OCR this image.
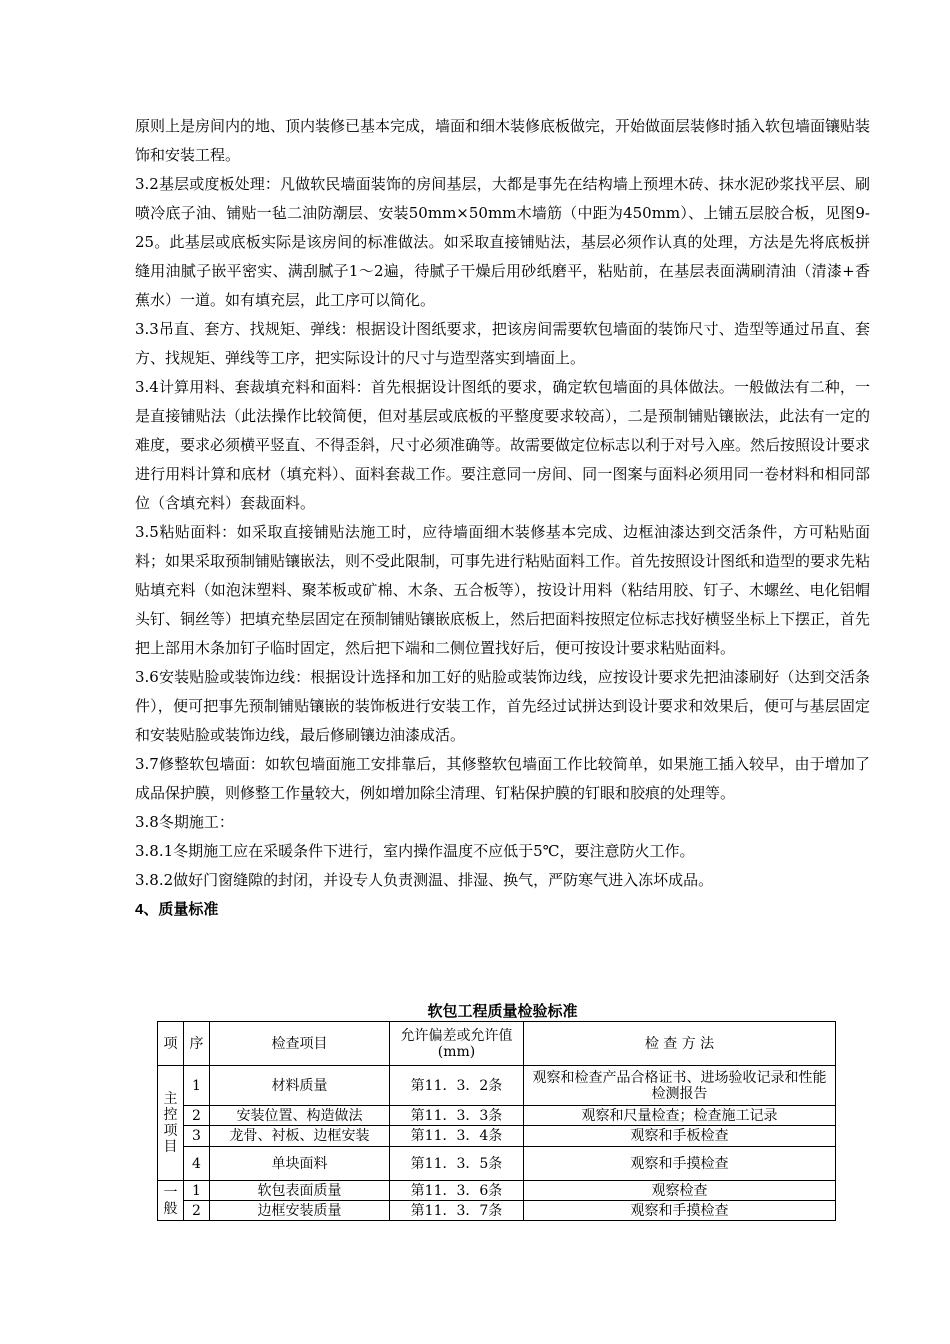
原则上是房间内的地、顶内装修已基本完成，墙面和细木装修底板做完，开始做面层装修时插入软包墙面镶贴装饰和安装工程。

3.2基层或度板处理：凡做软民墙面装饰的房间基层，大都是事先在结构墙上预埋木砖、抹水泥砂浆找平层、刷喷冷底子油、铺贴一毡二油防潮层、安装50mm×50mm木墙筋（中距为450mm）、上铺五层胶合板，见图9-25。此基层或底板实际是该房间的标准做法。如采取直接铺贴法，基层必须作认真的处理，方法是先将底板拼缝用油腻子嵌平密实、满刮腻子1～2遍，待腻子干燥后用砂纸磨平，粘贴前，在基层表面满刷清油（清漆+香蕉水）一道。如有填充层，此工序可以简化。

3.3吊直、套方、找规矩、弹线：根据设计图纸要求，把该房间需要软包墙面的装饰尺寸、造型等通过吊直、套方、找规矩、弹线等工序，把实际设计的尺寸与造型落实到墙面上。

3.4计算用料、套裁填充料和面料：首先根据设计图纸的要求，确定软包墙面的具体做法。一般做法有二种，一是直接铺贴法（此法操作比较简便，但对基层或底板的平整度要求较高），二是预制铺贴镶嵌法，此法有一定的难度，要求必须横平竖直、不得歪斜，尺寸必须准确等。故需要做定位标志以利于对号入座。然后按照设计要求进行用料计算和底材（填充料）、面料套裁工作。要注意同一房间、同一图案与面料必须用同一卷材料和相同部位（含填充料）套裁面料。

3.5粘贴面料：如采取直接铺贴法施工时，应待墙面细木装修基本完成、边框油漆达到交活条件，方可粘贴面料；如果采取预制铺贴镶嵌法，则不受此限制，可事先进行粘贴面料工作。首先按照设计图纸和造型的要求先粘贴填充料（如泡沫塑料、聚苯板或矿棉、木条、五合板等），按设计用料（粘结用胶、钉子、木螺丝、电化铝帽头钉、铜丝等）把填充垫层固定在预制铺贴镶嵌底板上，然后把面料按照定位标志找好横竖坐标上下摆正，首先把上部用木条加钉子临时固定，然后把下端和二侧位置找好后，便可按设计要求粘贴面料。

3.6安装贴脸或装饰边线：根据设计选择和加工好的贴脸或装饰边线，应按设计要求先把油漆刷好（达到交活条件），便可把事先预制铺贴镶嵌的装饰板进行安装工作，首先经过试拼达到设计要求和效果后，便可与基层固定和安装贴脸或装饰边线，最后修刷镶边油漆成活。

3.7修整软包墙面：如软包墙面施工安排靠后，其修整软包墙面工作比较简单，如果施工插入较早，由于增加了成品保护膜，则修整工作量较大，例如增加除尘清理、钉粘保护膜的钉眼和胶痕的处理等。

3.8冬期施工：

3.8.1冬期施工应在采暖条件下进行，室内操作温度不应低于5℃，要注意防火工作。

3.8.2做好门窗缝隙的封闭，并设专人负责测温、排湿、换气，严防寒气进入冻坏成品。

4、质量标准

软包工程质量检验标准
项	序	检查项目	允许偏差或允许值(mm)	检 查 方 法
主控项目	1	材料质量	第11．3．2条	观察和检查产品合格证书、进场验收记录和性能检测报告
	2	安装位置、构造做法	第11．3．3条	观察和尺量检查；检查施工记录
	3	龙骨、衬板、边框安装	第11．3．4条	观察和手板检查
	4	单块面料	第11．3．5条	观察和手摸检查
一般	1	软包表面质量	第11．3．6条	观察检查
	2	边框安装质量	第11．3．7条	观察和手摸检查
